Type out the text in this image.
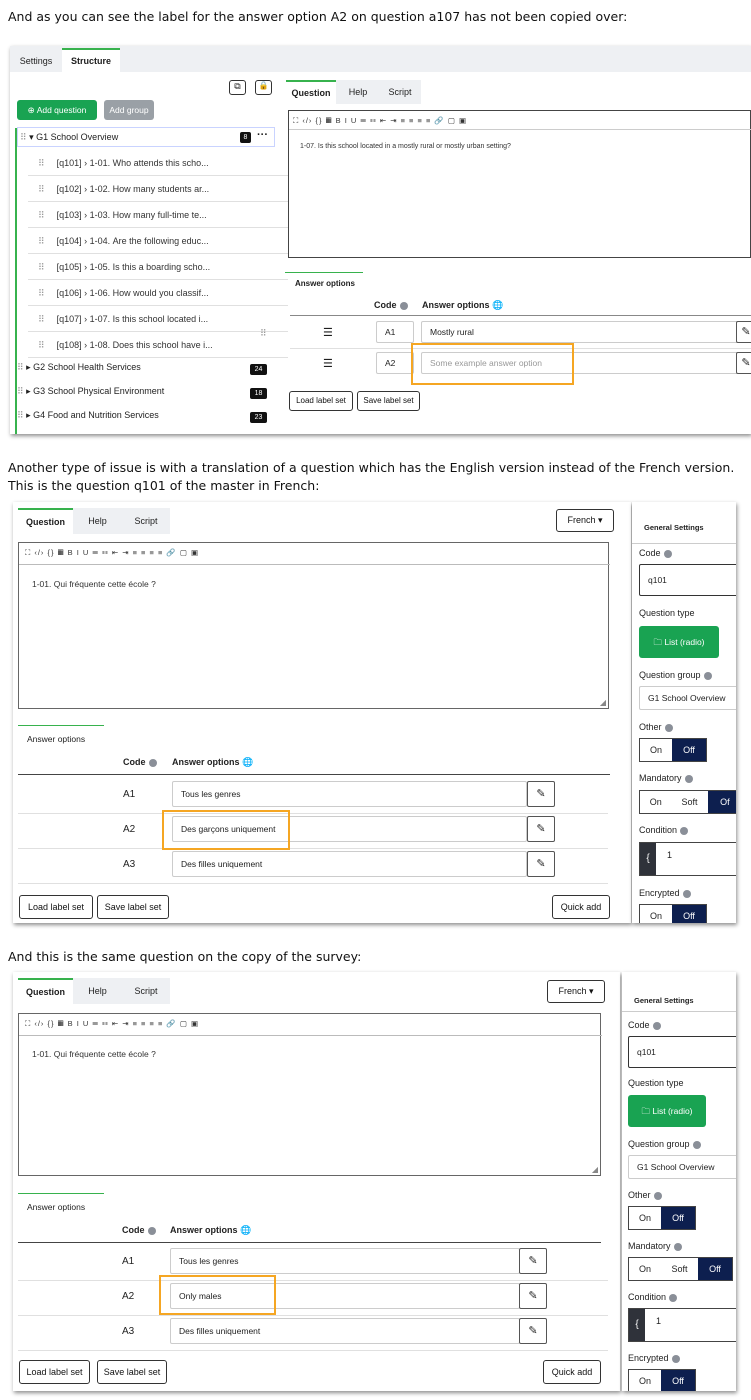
And as you can see the label for the answer option A2 on question a107 has not been copied over:
Settings	Structure
⧉	🔒
⊕ Add question	Add group
⠿ ▾ G1 School Overview	8 ···
⠿ [q101] › 1-01. Who attends this scho...
⠿ [q102] › 1-02. How many students ar...
⠿ [q103] › 1-03. How many full-time te...
⠿ [q104] › 1-04. Are the following educ...
⠿ [q105] › 1-05. Is this a boarding scho...
⠿ [q106] › 1-06. How would you classif...
⠿ [q107] › 1-07. Is this school located i...
⠿ [q108] › 1-08. Does this school have i...
⠿
⠿ ▸ G2 School Health Services	24
⠿ ▸ G3 School Physical Environment	18
⠿ ▸ G4 Food and Nutrition Services	23
Question	Help	Script
⛶ ‹/› {} ▦ B I U ☰ ☷ ⇤ ⇥ ≡ ≡ ≡ ≡ 🔗 ▢ ▣
1-07. Is this school located in a mostly rural or mostly urban setting?
Answer options
Code	Answer options 🌐
☰	A1	Mostly rural	✎
☰	A2	Some example answer option	✎
Load label set	Save label set
Another type of issue is with a translation of a question which has the English version instead of the French version.
This is the question q101 of the master in French:
Question	Help	Script	French ▾
⛶ ‹/› {} ▦ B I U ☰ ☷ ⇤ ⇥ ≡ ≡ ≡ ≡ 🔗 ▢ ▣
1-01. Qui fréquente cette école ?
◢
Answer options
Code	Answer options 🌐
A1	Tous les genres	✎
A2	Des garçons uniquement	✎
A3	Des filles uniquement	✎
Load label set	Save label set	Quick add
General Settings
Code
q101
Question type
🗀 List (radio)
Question group
G1 School Overview
Other
On	Off
Mandatory
On	Soft	Of
Condition
{	1
Encrypted
On	Off
And this is the same question on the copy of the survey:
Question	Help	Script	French ▾
⛶ ‹/› {} ▦ B I U ☰ ☷ ⇤ ⇥ ≡ ≡ ≡ ≡ 🔗 ▢ ▣
1-01. Qui fréquente cette école ?
◢
Answer options
Code	Answer options 🌐
A1	Tous les genres	✎
A2	Only males	✎
A3	Des filles uniquement	✎
Load label set	Save label set	Quick add
General Settings
Code
q101
Question type
🗀 List (radio)
Question group
G1 School Overview
Other
On	Off
Mandatory
On	Soft	Off
Condition
{	1
Encrypted
On	Off
